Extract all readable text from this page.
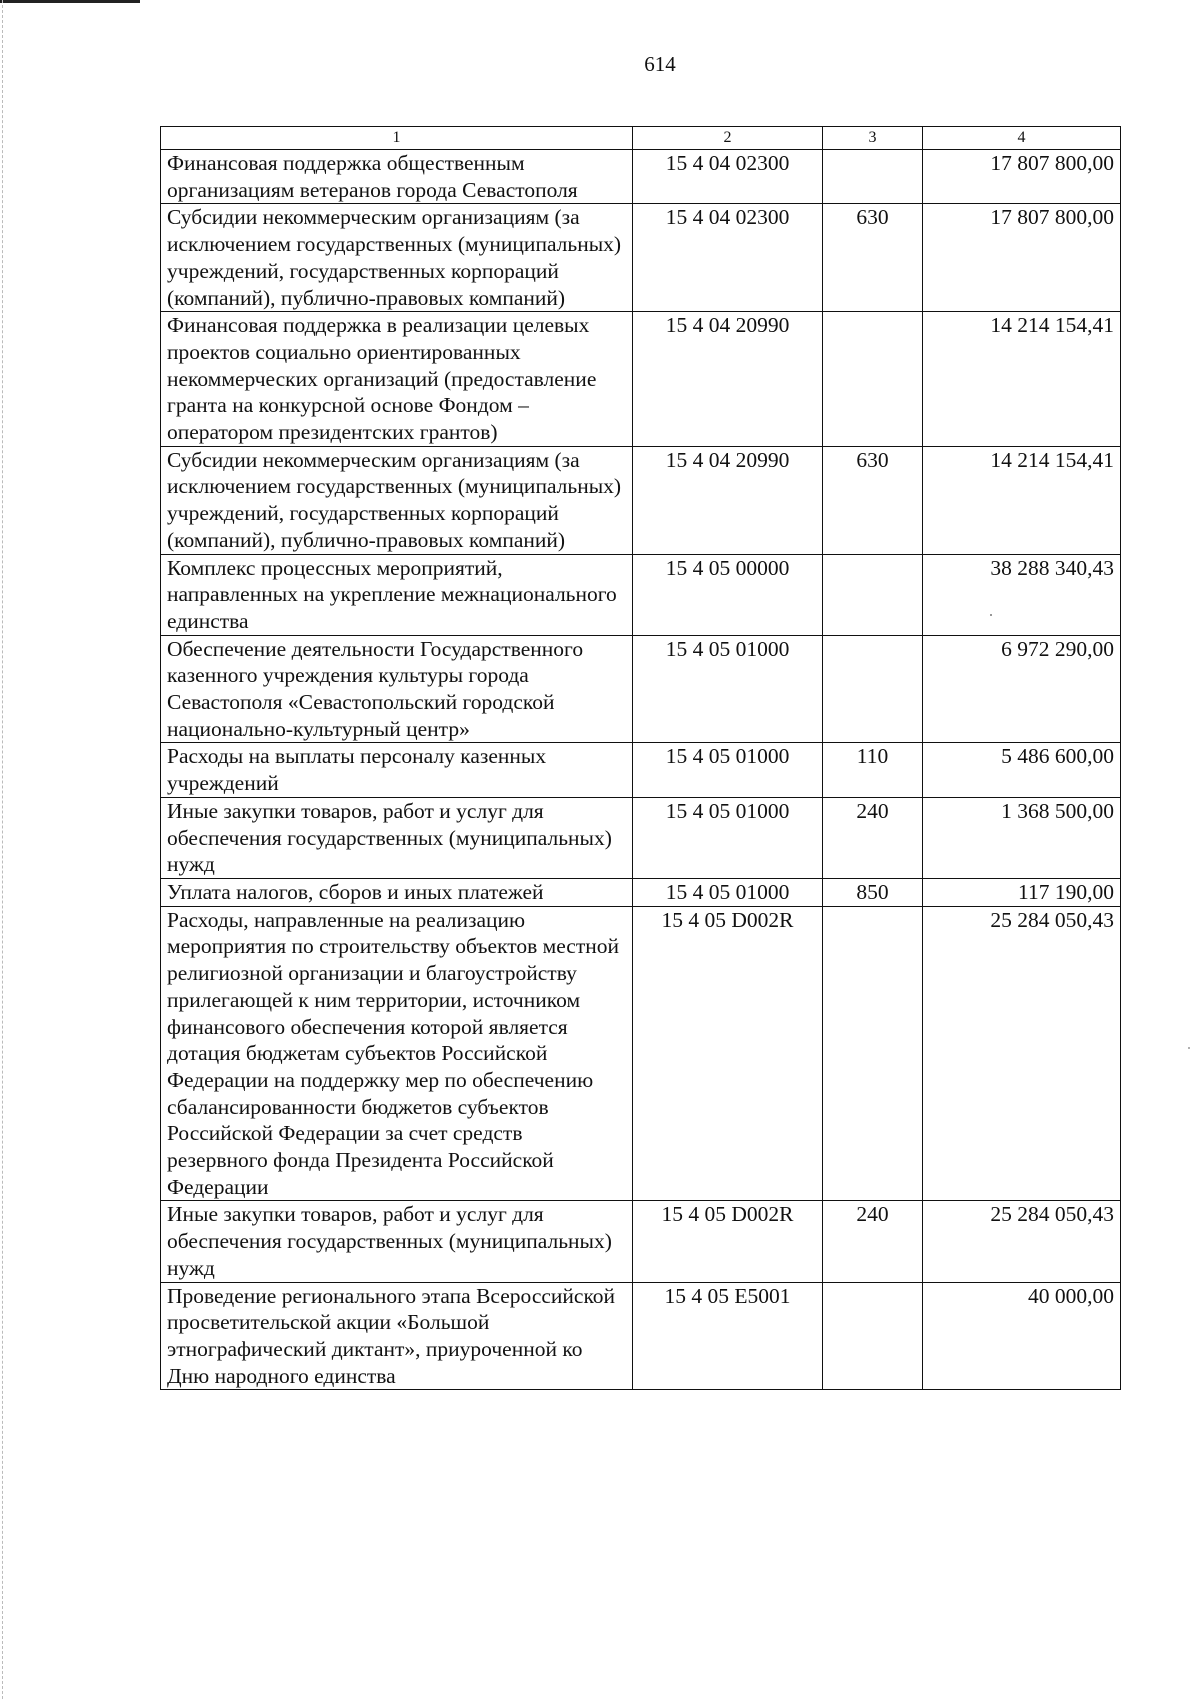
614
1	2	3	4
Финансовая поддержка общественным организациям ветеранов города Севастополя	15 4 04 02300		17 807 800,00
Субсидии некоммерческим организациям (за исключением государственных (муниципальных) учреждений, государственных корпораций (компаний), публично-правовых компаний)	15 4 04 02300	630	17 807 800,00
Финансовая поддержка в реализации целевых проектов социально ориентированных некоммерческих организаций (предоставление гранта на конкурсной основе Фондом – оператором президентских грантов)	15 4 04 20990		14 214 154,41
Субсидии некоммерческим организациям (за исключением государственных (муниципальных) учреждений, государственных корпораций (компаний), публично-правовых компаний)	15 4 04 20990	630	14 214 154,41
Комплекс процессных мероприятий, направленных на укрепление межнационального единства	15 4 05 00000		38 288 340,43
Обеспечение деятельности Государственного казенного учреждения культуры города Севастополя «Севастопольский городской национально-культурный центр»	15 4 05 01000		6 972 290,00
Расходы на выплаты персоналу казенных учреждений	15 4 05 01000	110	5 486 600,00
Иные закупки товаров, работ и услуг для обеспечения государственных (муниципальных) нужд	15 4 05 01000	240	1 368 500,00
Уплата налогов, сборов и иных платежей	15 4 05 01000	850	117 190,00
Расходы, направленные на реализацию мероприятия по строительству объектов местной религиозной организации и благоустройству прилегающей к ним территории, источником финансового обеспечения которой является дотация бюджетам субъектов Российской Федерации на поддержку мер по обеспечению сбалансированности бюджетов субъектов Российской Федерации за счет средств резервного фонда Президента Российской Федерации	15 4 05 D002R		25 284 050,43
Иные закупки товаров, работ и услуг для обеспечения государственных (муниципальных) нужд	15 4 05 D002R	240	25 284 050,43
Проведение регионального этапа Всероссийской просветительской акции «Большой этнографический диктант», приуроченной ко Дню народного единства	15 4 05 E5001		40 000,00
